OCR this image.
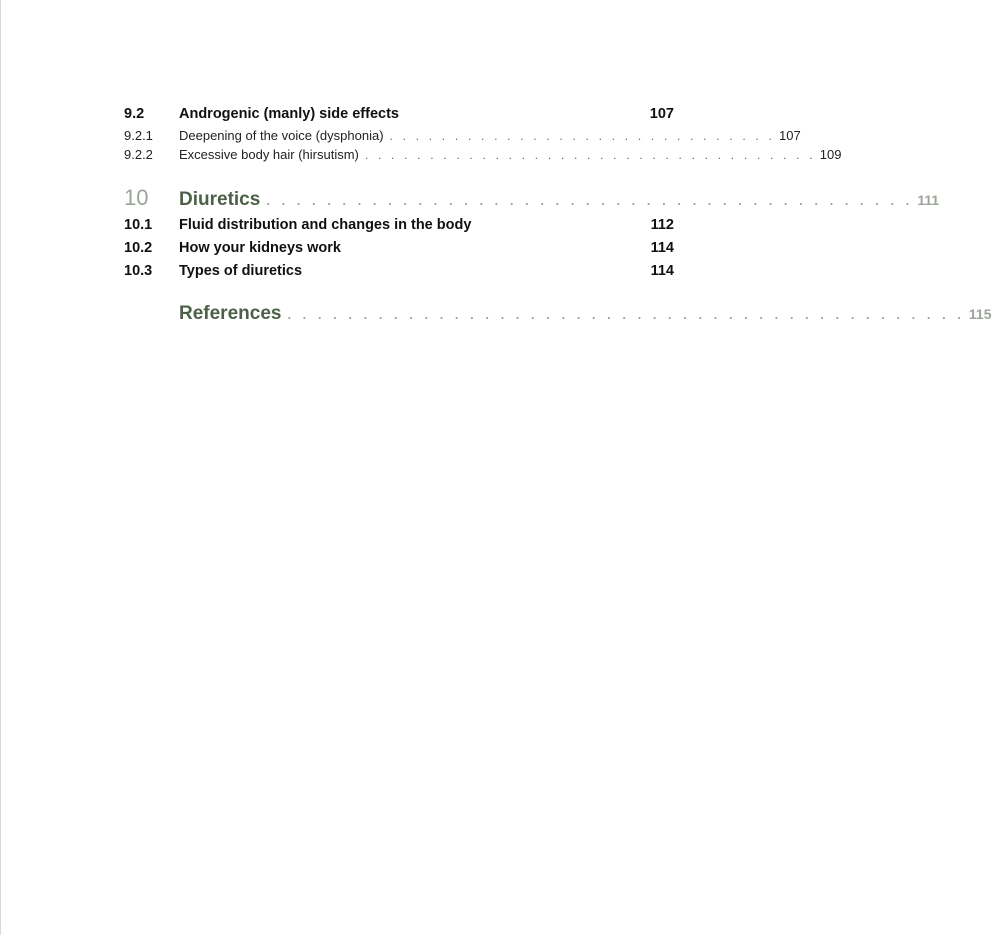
9.2	Androgenic (manly) side effects	107
9.2.1	Deepening of the voice (dysphonia) . . . . . . . . . . . . . . . . . . . . . . . . . . . . . . 107
9.2.2	Excessive body hair (hirsutism) . . . . . . . . . . . . . . . . . . . . . . . . . . . . . . . . . . . 109
10	Diuretics . . . . . . . . . . . . . . . . . . . . . . . . . . . . . . . . . . . . . . . . . . . 111
10.1	Fluid distribution and changes in the body	112
10.2	How your kidneys work	114
10.3	Types of diuretics	114
References . . . . . . . . . . . . . . . . . . . . . . . . . . . . . . . . . . . . . . . . . . . . . 115
